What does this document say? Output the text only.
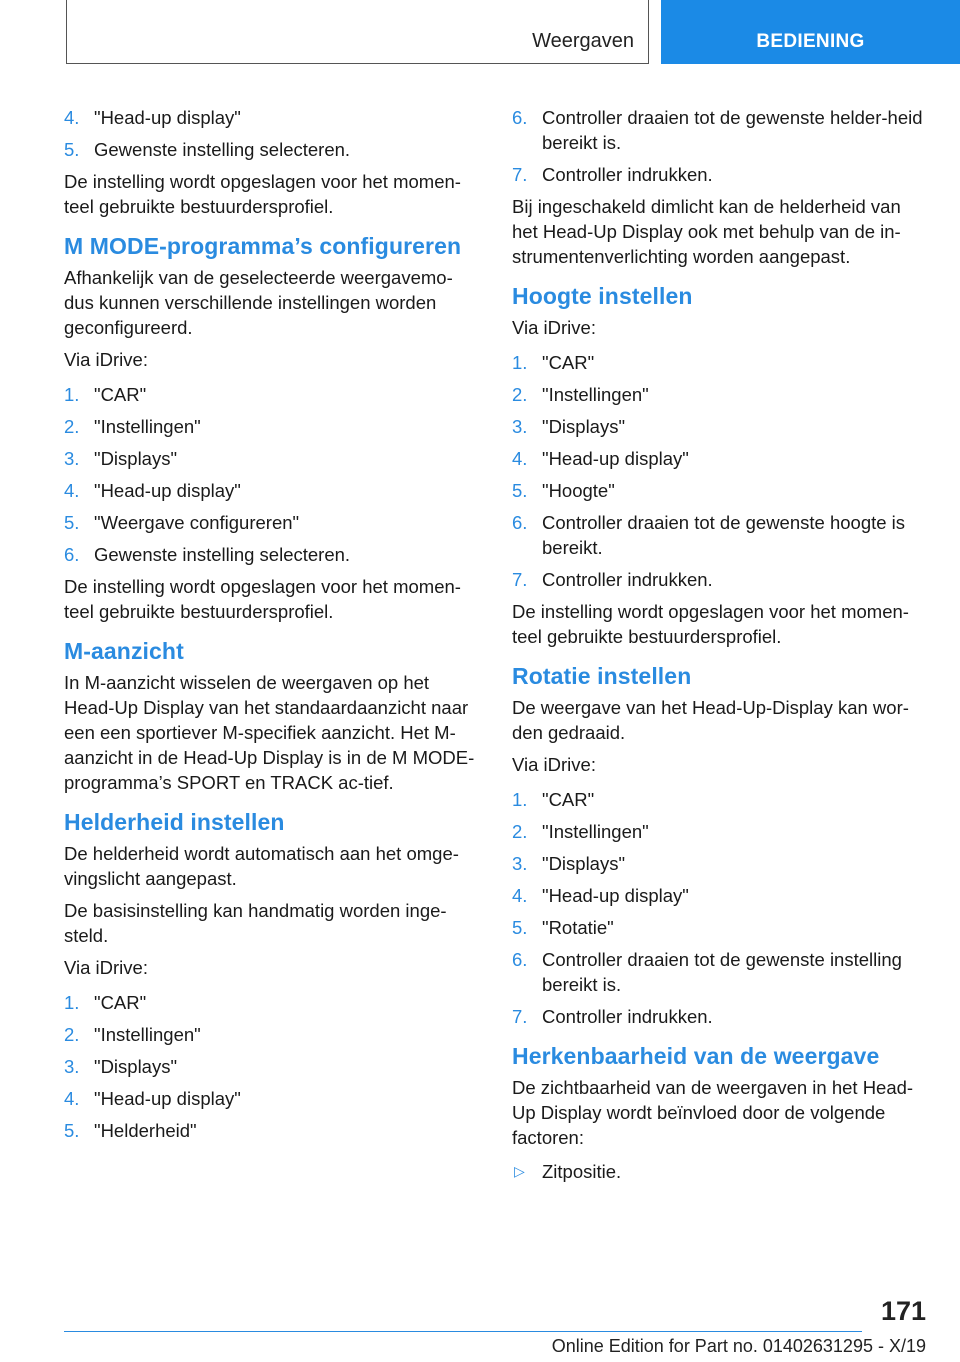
Weergaven	BEDIENING
4. "Head-up display"
5. Gewenste instelling selecteren.

De instelling wordt opgeslagen voor het momen-teel gebruikte bestuurdersprofiel.

M MODE-programma’s configureren

Afhankelijk van de geselecteerde weergavemo-dus kunnen verschillende instellingen worden geconfigureerd.

Via iDrive:

1. "CAR"
2. "Instellingen"
3. "Displays"
4. "Head-up display"
5. "Weergave configureren"
6. Gewenste instelling selecteren.

De instelling wordt opgeslagen voor het momen-teel gebruikte bestuurdersprofiel.

M-aanzicht

In M-aanzicht wisselen de weergaven op het Head-Up Display van het standaardaanzicht naar een een sportiever M-specifiek aanzicht. Het M-aanzicht in de Head-Up Display is in de M MODE-programma’s SPORT en TRACK ac-tief.

Helderheid instellen

De helderheid wordt automatisch aan het omge-vingslicht aangepast.

De basisinstelling kan handmatig worden inge-steld.

Via iDrive:

1. "CAR"
2. "Instellingen"
3. "Displays"
4. "Head-up display"
5. "Helderheid"
6. Controller draaien tot de gewenste helder-heid bereikt is.
7. Controller indrukken.

Bij ingeschakeld dimlicht kan de helderheid van het Head-Up Display ook met behulp van de in-strumentenverlichting worden aangepast.

Hoogte instellen

Via iDrive:

1. "CAR"
2. "Instellingen"
3. "Displays"
4. "Head-up display"
5. "Hoogte"
6. Controller draaien tot de gewenste hoogte is bereikt.
7. Controller indrukken.

De instelling wordt opgeslagen voor het momen-teel gebruikte bestuurdersprofiel.

Rotatie instellen

De weergave van het Head-Up-Display kan wor-den gedraaid.

Via iDrive:

1. "CAR"
2. "Instellingen"
3. "Displays"
4. "Head-up display"
5. "Rotatie"
6. Controller draaien tot de gewenste instelling bereikt is.
7. Controller indrukken.
Herkenbaarheid van de weergave

De zichtbaarheid van de weergaven in het Head-Up Display wordt beïnvloed door de volgende factoren:

▷ Zitpositie.
171
Online Edition for Part no. 01402631295 - X/19
